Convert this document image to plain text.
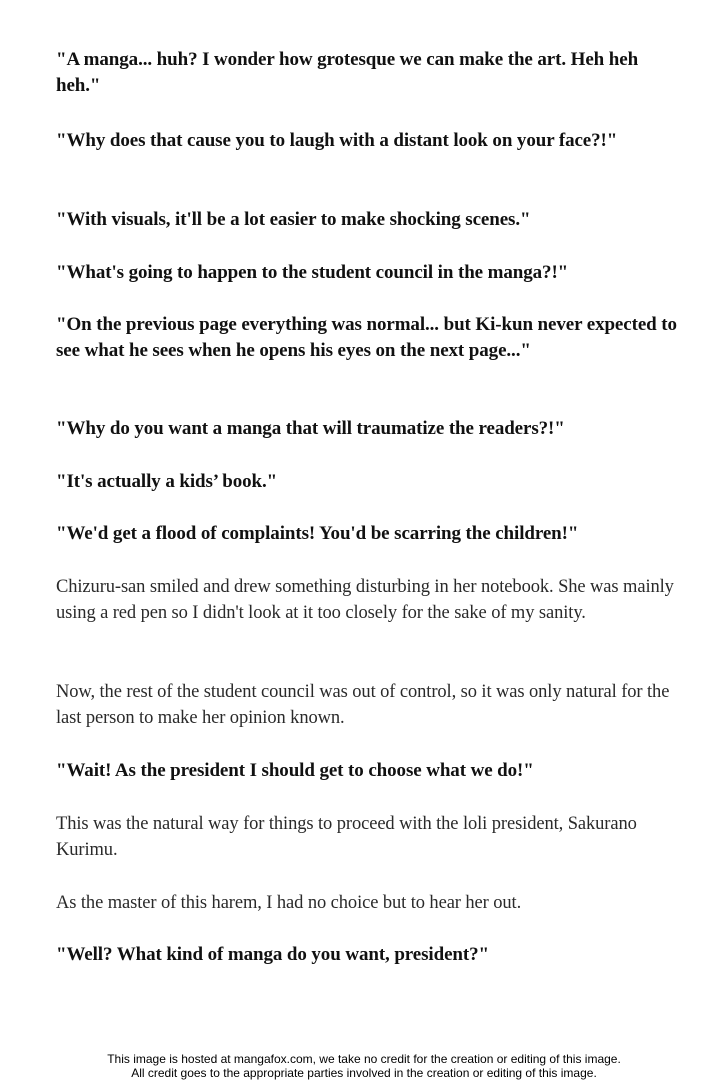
"A manga... huh? I wonder how grotesque we can make the art. Heh heh heh."

"Why does that cause you to laugh with a distant look on your face?!"

"With visuals, it'll be a lot easier to make shocking scenes."

"What's going to happen to the student council in the manga?!"

"On the previous page everything was normal... but Ki-kun never expected to see what he sees when he opens his eyes on the next page..."

"Why do you want a manga that will traumatize the readers?!"

"It's actually a kids’ book."

"We'd get a flood of complaints! You'd be scarring the children!"

Chizuru-san smiled and drew something disturbing in her notebook. She was mainly using a red pen so I didn't look at it too closely for the sake of my sanity.

Now, the rest of the student council was out of control, so it was only natural for the last person to make her opinion known.

"Wait! As the president I should get to choose what we do!"

This was the natural way for things to proceed with the loli president, Sakurano Kurimu.

As the master of this harem, I had no choice but to hear her out.

"Well? What kind of manga do you want, president?"

This image is hosted at mangafox.com, we take no credit for the creation or editing of this image.
All credit goes to the appropriate parties involved in the creation or editing of this image.
